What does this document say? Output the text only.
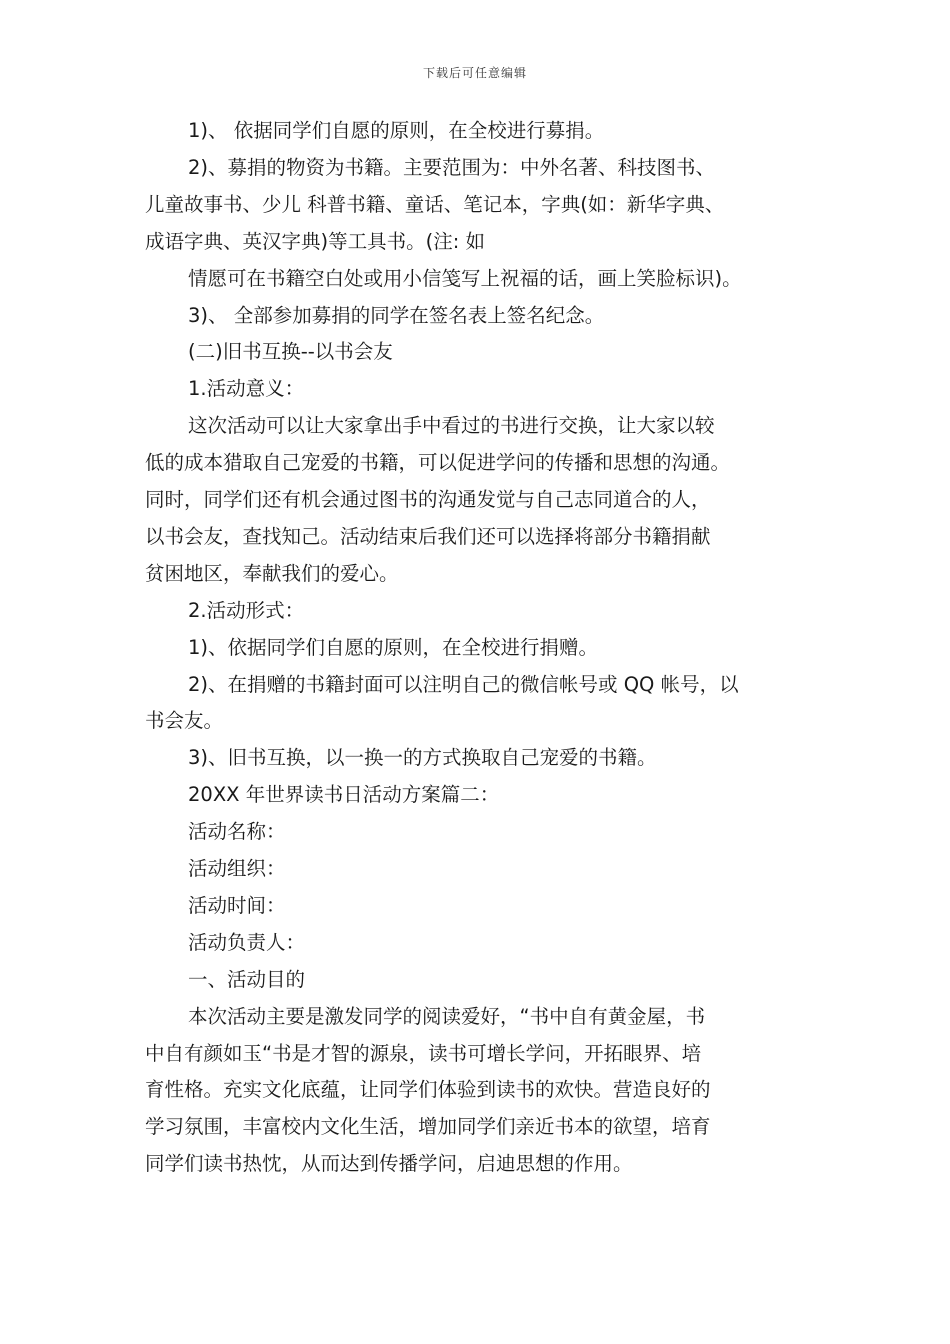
下载后可任意编辑
1)、 依据同学们自愿的原则，在全校进行募捐。
2)、募捐的物资为书籍。主要范围为：中外名著、科技图书、
儿童故事书、少儿 科普书籍、童话、笔记本，字典(如：新华字典、
成语字典、英汉字典)等工具书。(注: 如
情愿可在书籍空白处或用小信笺写上祝福的话，画上笑脸标识)。
3)、 全部参加募捐的同学在签名表上签名纪念。
(二)旧书互换--以书会友
1.活动意义：
这次活动可以让大家拿出手中看过的书进行交换，让大家以较
低的成本猎取自己宠爱的书籍，可以促进学问的传播和思想的沟通。
同时，同学们还有机会通过图书的沟通发觉与自己志同道合的人，
以书会友，查找知己。活动结束后我们还可以选择将部分书籍捐献
贫困地区，奉献我们的爱心。
2.活动形式：
1)、依据同学们自愿的原则，在全校进行捐赠。
2)、在捐赠的书籍封面可以注明自己的微信帐号或 QQ 帐号，以
书会友。
3)、旧书互换，以一换一的方式换取自己宠爱的书籍。
20XX 年世界读书日活动方案篇二：
活动名称：
活动组织：
活动时间：
活动负责人：
一、活动目的
本次活动主要是激发同学的阅读爱好，“书中自有黄金屋，书
中自有颜如玉“书是才智的源泉，读书可增长学问，开拓眼界、培
育性格。充实文化底蕴，让同学们体验到读书的欢快。营造良好的
学习氛围，丰富校内文化生活，增加同学们亲近书本的欲望，培育
同学们读书热忱，从而达到传播学问，启迪思想的作用。
